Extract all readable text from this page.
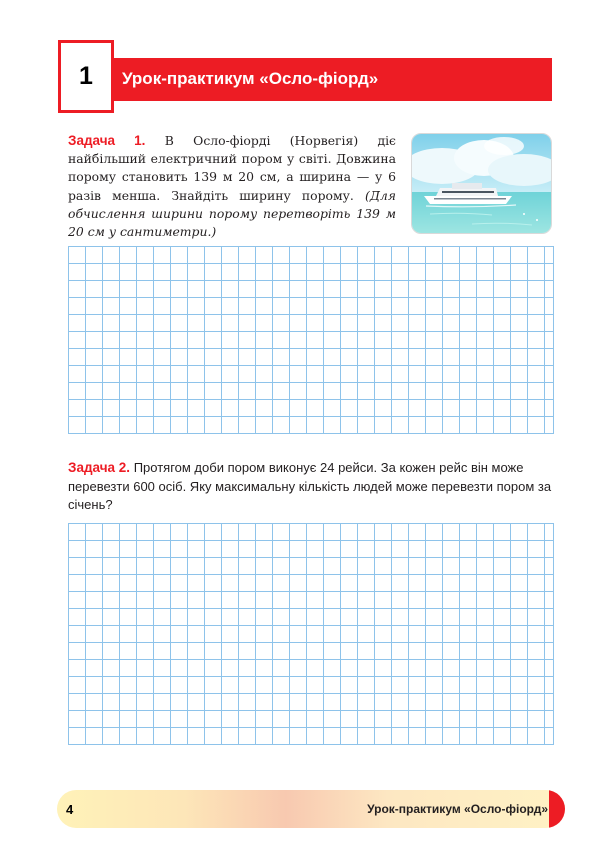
Урок-практикум «Осло-фіорд»
1
Задача 1. В Осло-фіорді (Норвегія) діє найбільший електричний пором у світі. Довжина порому становить 139 м 20 см, а ширина — у 6 разів менша. Знайдіть ширину порому. (Для обчислення ширини порому перетворіть 139 м 20 см у сантиметри.)
Задача 2. Протягом доби пором виконує 24 рейси. За кожен рейс він може перевезти 600 осіб. Яку максимальну кількість людей може перевезти пором за січень?
4	Урок-практикум «Осло-фіорд»
